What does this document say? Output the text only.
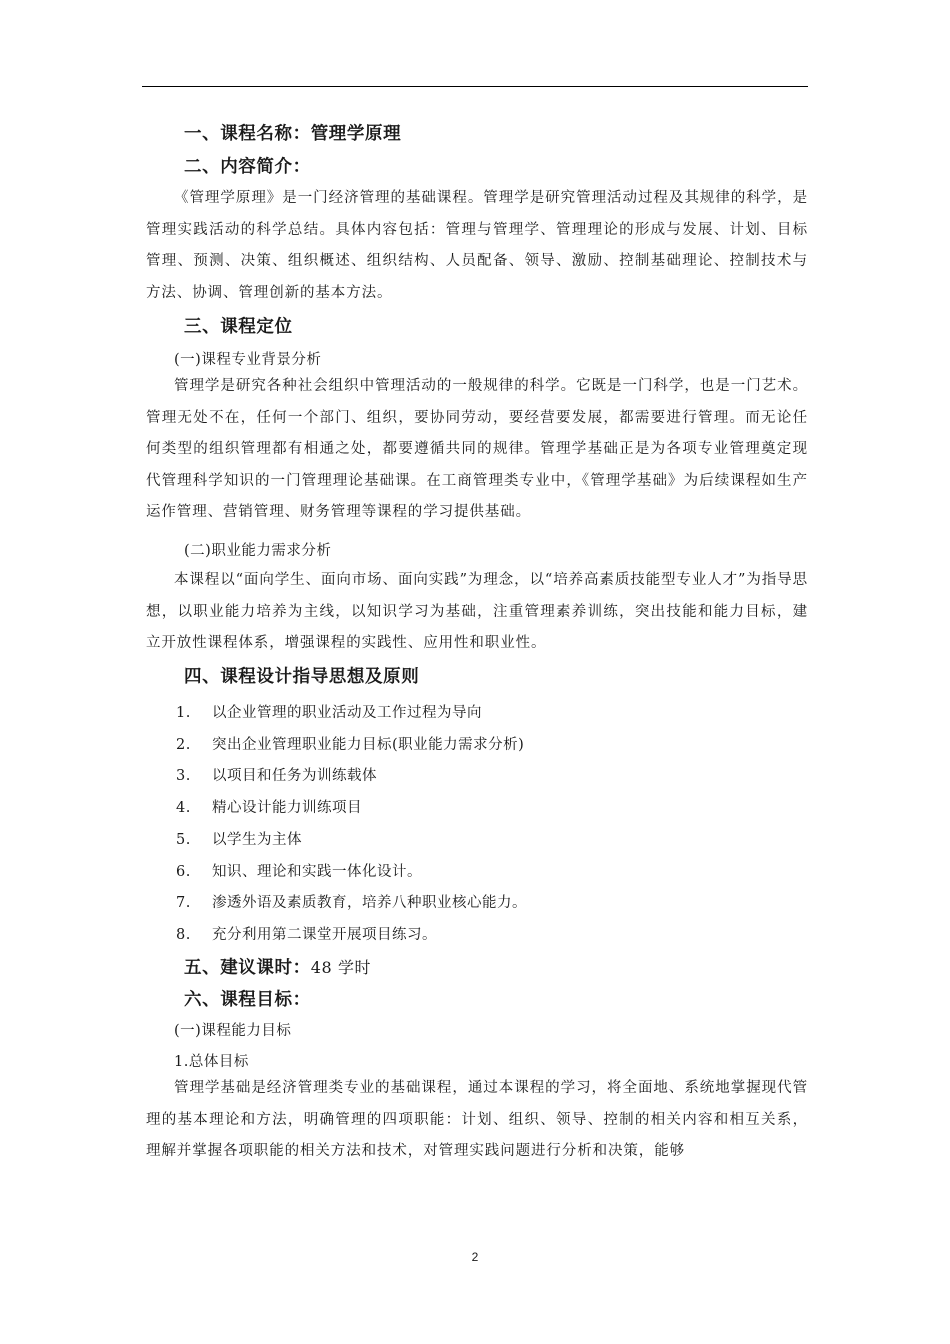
一、课程名称：管理学原理
二、内容简介：

《管理学原理》是一门经济管理的基础课程。管理学是研究管理活动过程及其规律的科学，是管理实践活动的科学总结。具体内容包括：管理与管理学、管理理论的形成与发展、计划、目标管理、预测、决策、组织概述、组织结构、人员配备、领导、激励、控制基础理论、控制技术与方法、协调、管理创新的基本方法。

三、课程定位
(一)课程专业背景分析

管理学是研究各种社会组织中管理活动的一般规律的科学。它既是一门科学，也是一门艺术。管理无处不在，任何一个部门、组织，要协同劳动，要经营要发展，都需要进行管理。而无论任何类型的组织管理都有相通之处，都要遵循共同的规律。管理学基础正是为各项专业管理奠定现代管理科学知识的一门管理理论基础课。在工商管理类专业中，《管理学基础》为后续课程如生产运作管理、营销管理、财务管理等课程的学习提供基础。

(二)职业能力需求分析

本课程以“面向学生、面向市场、面向实践”为理念，以“培养高素质技能型专业人才”为指导思想，以职业能力培养为主线，以知识学习为基础，注重管理素养训练，突出技能和能力目标，建立开放性课程体系，增强课程的实践性、应用性和职业性。

四、课程设计指导思想及原则
1. 以企业管理的职业活动及工作过程为导向
2. 突出企业管理职业能力目标(职业能力需求分析)
3. 以项目和任务为训练载体
4. 精心设计能力训练项目
5. 以学生为主体
6. 知识、理论和实践一体化设计。
7. 渗透外语及素质教育，培养八种职业核心能力。
8. 充分利用第二课堂开展项目练习。
五、建议课时：48 学时
六、课程目标：
(一)课程能力目标
1.总体目标

管理学基础是经济管理类专业的基础课程，通过本课程的学习，将全面地、系统地掌握现代管理的基本理论和方法，明确管理的四项职能：计划、组织、领导、控制的相关内容和相互关系，理解并掌握各项职能的相关方法和技术，对管理实践问题进行分析和决策，能够

2
